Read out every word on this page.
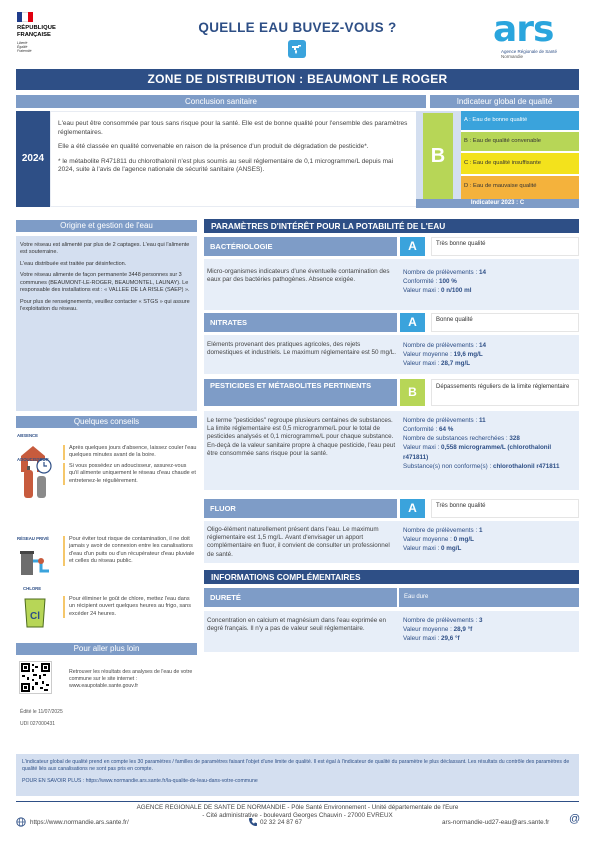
RÉPUBLIQUE
FRANÇAISE
Liberté
Égalité
Fraternité
QUELLE EAU BUVEZ-VOUS ?	ars
Agence Régionale de Santé
Normandie
ZONE DE DISTRIBUTION : BEAUMONT LE ROGER
Conclusion sanitaire
2024

L'eau peut être consommée par tous sans risque pour la santé. Elle est de bonne qualité pour l'ensemble des paramètres réglementaires.

Elle a été classée en qualité convenable en raison de la présence d'un produit de dégradation de pesticide*.

* le métabolite R471811 du chlorothalonil n'est plus soumis au seuil réglementaire de 0,1 microgramme/L depuis mai 2024, suite à l'avis de l'agence nationale de sécurité sanitaire (ANSES).

Indicateur global de qualité
B
A : Eau de bonne qualité
B : Eau de qualité convenable
C : Eau de qualité insuffisante
D : Eau de mauvaise qualité
Indicateur 2023 : C
Origine et gestion de l'eau

Votre réseau est alimenté par plus de 2 captages. L'eau qui l'alimente est souterraine.

L'eau distribuée est traitée par désinfection.

Votre réseau alimente de façon permanente 3448 personnes sur 3 communes (BEAUMONT-LE-ROGER, BEAUMONTEL, LAUNAY). Le responsable des installations est : « VALLEE DE LA RISLE (SAEP) ».

Pour plus de renseignements, veuillez contacter « STGS » qui assure l'exploitation du réseau.

Quelques conseils
ABSENCE
Après quelques jours d'absence, laissez couler l'eau quelques minutes avant de la boire.
ADOUCISSEUR
Si vous possédez un adoucisseur, assurez-vous qu'il alimente uniquement le réseau d'eau chaude et entretenez-le régulièrement.
RÉSEAU PRIVÉ	Pour éviter tout risque de contamination, il ne doit jamais y avoir de connexion entre les canalisations d'eau d'un puits ou d'un récupérateur d'eau pluviale et celles du réseau public.
CHLORE
Cl
Pour éliminer le goût de chlore, mettez l'eau dans un récipient ouvert quelques heures au frigo, sans excéder 24 heures.
Pour aller plus loin
Retrouver les résultats des analyses de l'eau de votre commune sur le site internet : www.eaupotable.sante.gouv.fr
Édité le 11/07/2025
UDI 027000431
PARAMÈTRES D'INTÉRÊT POUR LA POTABILITÉ DE L'EAU
BACTÉRIOLOGIE	A	Très bonne qualité
Micro-organismes indicateurs d'une éventuelle contamination des eaux par des bactéries pathogènes. Absence exigée.
Nombre de prélèvements : 14
Conformité : 100 %
Valeur maxi : 0 n/100 ml
NITRATES	A	Bonne qualité
Eléments provenant des pratiques agricoles, des rejets domestiques et industriels. Le maximum réglementaire est 50 mg/L.
Nombre de prélèvements : 14
Valeur moyenne : 19,6 mg/L
Valeur maxi : 28,7 mg/L
PESTICIDES ET MÉTABOLITES PERTINENTS	B	Dépassements réguliers de la limite réglementaire
Le terme "pesticides" regroupe plusieurs centaines de substances. La limite réglementaire est 0,5 microgramme/L pour le total de pesticides analysés et 0,1 microgramme/L pour chaque substance. En-deçà de la valeur sanitaire propre à chaque pesticide, l'eau peut être consommée sans risque pour la santé.
Nombre de prélèvements : 11
Conformité : 64 %
Nombre de substances recherchées : 328
Valeur maxi : 0,558 microgramme/L (chlorothalonil r471811)
Substance(s) non conforme(s) : chlorothalonil r471811
FLUOR	A	Très bonne qualité
Oligo-élément naturellement présent dans l'eau. Le maximum réglementaire est 1,5 mg/L. Avant d'envisager un apport complémentaire en fluor, il convient de consulter un professionnel de santé.
Nombre de prélèvements : 1
Valeur moyenne : 0 mg/L
Valeur maxi : 0 mg/L
INFORMATIONS COMPLÉMENTAIRES
DURETÉ	Eau dure
Concentration en calcium et magnésium dans l'eau exprimée en degré français. Il n'y a pas de valeur seuil réglementaire.
Nombre de prélèvements : 3
Valeur moyenne : 28,9 °f
Valeur maxi : 29,6 °f
L'indicateur global de qualité prend en compte les 30 paramètres / familles de paramètres faisant l'objet d'une limite de qualité. Il est égal à l'indicateur de qualité du paramètre le plus déclassant. Les résultats du contrôle des paramètres de qualité liés aux canalisations ne sont pas pris en compte.
POUR EN SAVOIR PLUS : https://www.normandie.ars.sante.fr/la-qualite-de-leau-dans-votre-commune
AGENCE REGIONALE DE SANTE DE NORMANDIE - Pôle Santé Environnement - Unité départementale de l'Eure
- Cité administrative - boulevard Georges Chauvin - 27000 EVREUX
https://www.normandie.ars.sante.fr/	02 32 24 87 67	ars-normandie-ud27-eau@ars.sante.fr @
